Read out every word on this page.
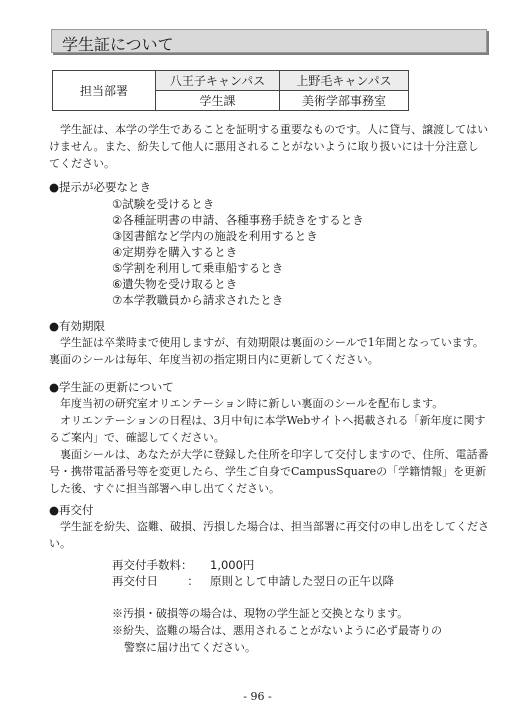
学生証について
担当部署	八王子キャンパス	上野毛キャンパス
	学生課	美術学部事務室

学生証は、本学の学生であることを証明する重要なものです。人に貸与、譲渡してはいけません。また、紛失して他人に悪用されることがないように取り扱いには十分注意してください。

●提示が必要なとき

①試験を受けるとき
②各種証明書の申請、各種事務手続きをするとき
③図書館など学内の施設を利用するとき
④定期券を購入するとき
⑤学割を利用して乗車船するとき
⑥遺失物を受け取るとき
⑦本学教職員から請求されたとき

●有効期限

学生証は卒業時まで使用しますが、有効期限は裏面のシールで1年間となっています。裏面のシールは毎年、年度当初の指定期日内に更新してください。

●学生証の更新について

年度当初の研究室オリエンテーション時に新しい裏面のシールを配布します。

オリエンテーションの日程は、3月中旬に本学Webサイトへ掲載される「新年度に関するご案内」で、確認してください。

裏面シールは、あなたが大学に登録した住所を印字して交付しますので、住所、電話番号・携帯電話番号等を変更したら、学生ご自身でCampusSquareの「学籍情報」を更新した後、すぐに担当部署へ申し出てください。

●再交付

学生証を紛失、盗難、破損、汚損した場合は、担当部署に再交付の申し出をしてください。

再交付手数料： 1,000円
再交付日	： 原則として申請した翌日の正午以降
※汚損・破損等の場合は、現物の学生証と交換となります。
※紛失、盗難の場合は、悪用されることがないように必ず最寄りの
警察に届け出てください。
- 96 -
